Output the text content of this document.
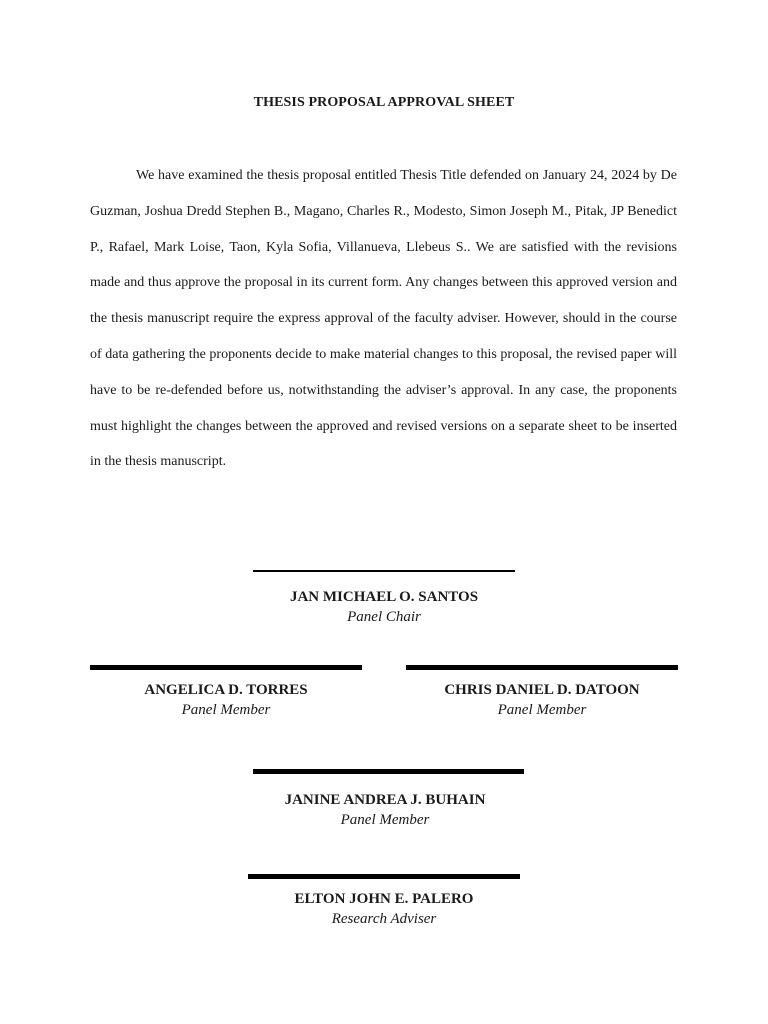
THESIS PROPOSAL APPROVAL SHEET

We have examined the thesis proposal entitled Thesis Title defended on January 24, 2024 by De Guzman, Joshua Dredd Stephen B., Magano, Charles R., Modesto, Simon Joseph M., Pitak, JP Benedict P., Rafael, Mark Loise, Taon, Kyla Sofia, Villanueva, Llebeus S.. We are satisfied with the revisions made and thus approve the proposal in its current form. Any changes between this approved version and the thesis manuscript require the express approval of the faculty adviser. However, should in the course of data gathering the proponents decide to make material changes to this proposal, the revised paper will have to be re-defended before us, notwithstanding the adviser’s approval. In any case, the proponents must highlight the changes between the approved and revised versions on a separate sheet to be inserted in the thesis manuscript.

JAN MICHAEL O. SANTOS
Panel Chair
ANGELICA D. TORRES
Panel Member
CHRIS DANIEL D. DATOON
Panel Member
JANINE ANDREA J. BUHAIN
Panel Member
ELTON JOHN E. PALERO
Research Adviser
